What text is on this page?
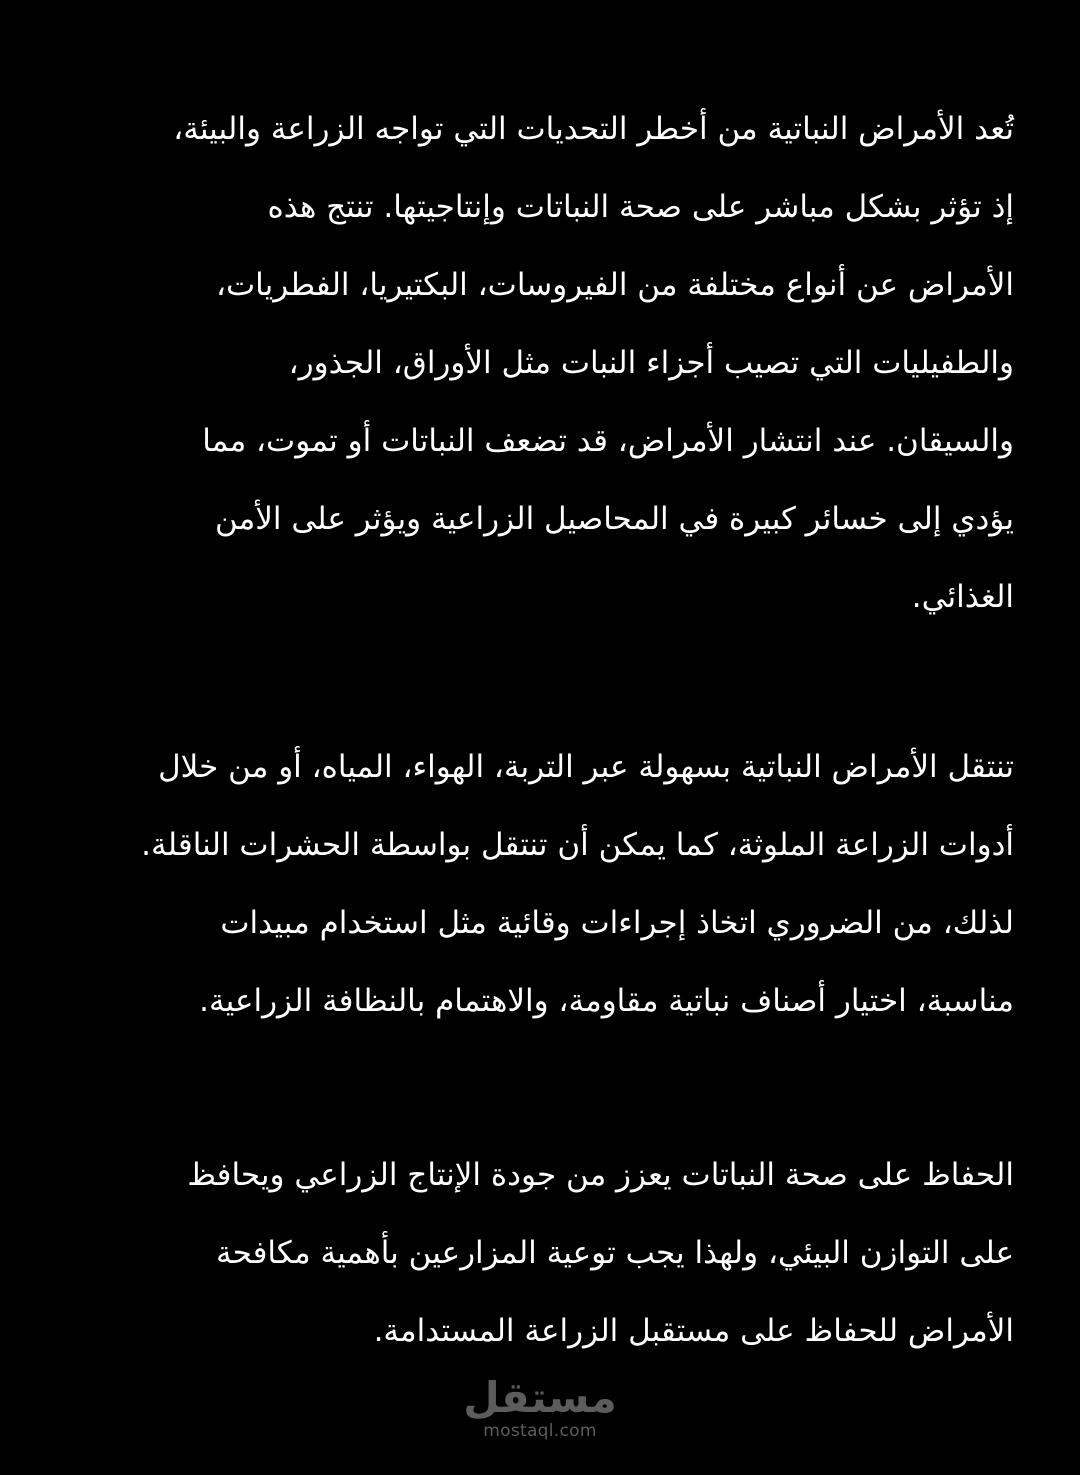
تُعد الأمراض النباتية من أخطر التحديات التي تواجه الزراعة والبيئة،
إذ تؤثر بشكل مباشر على صحة النباتات وإنتاجيتها. تنتج هذه
الأمراض عن أنواع مختلفة من الفيروسات، البكتيريا، الفطريات،
والطفيليات التي تصيب أجزاء النبات مثل الأوراق، الجذور،
والسيقان. عند انتشار الأمراض، قد تضعف النباتات أو تموت، مما
يؤدي إلى خسائر كبيرة في المحاصيل الزراعية ويؤثر على الأمن
الغذائي.
تنتقل الأمراض النباتية بسهولة عبر التربة، الهواء، المياه، أو من خلال
أدوات الزراعة الملوثة، كما يمكن أن تنتقل بواسطة الحشرات الناقلة.
لذلك، من الضروري اتخاذ إجراءات وقائية مثل استخدام مبيدات
مناسبة، اختيار أصناف نباتية مقاومة، والاهتمام بالنظافة الزراعية.
الحفاظ على صحة النباتات يعزز من جودة الإنتاج الزراعي ويحافظ
على التوازن البيئي، ولهذا يجب توعية المزارعين بأهمية مكافحة
الأمراض للحفاظ على مستقبل الزراعة المستدامة.
مستقل
mostaql.com
